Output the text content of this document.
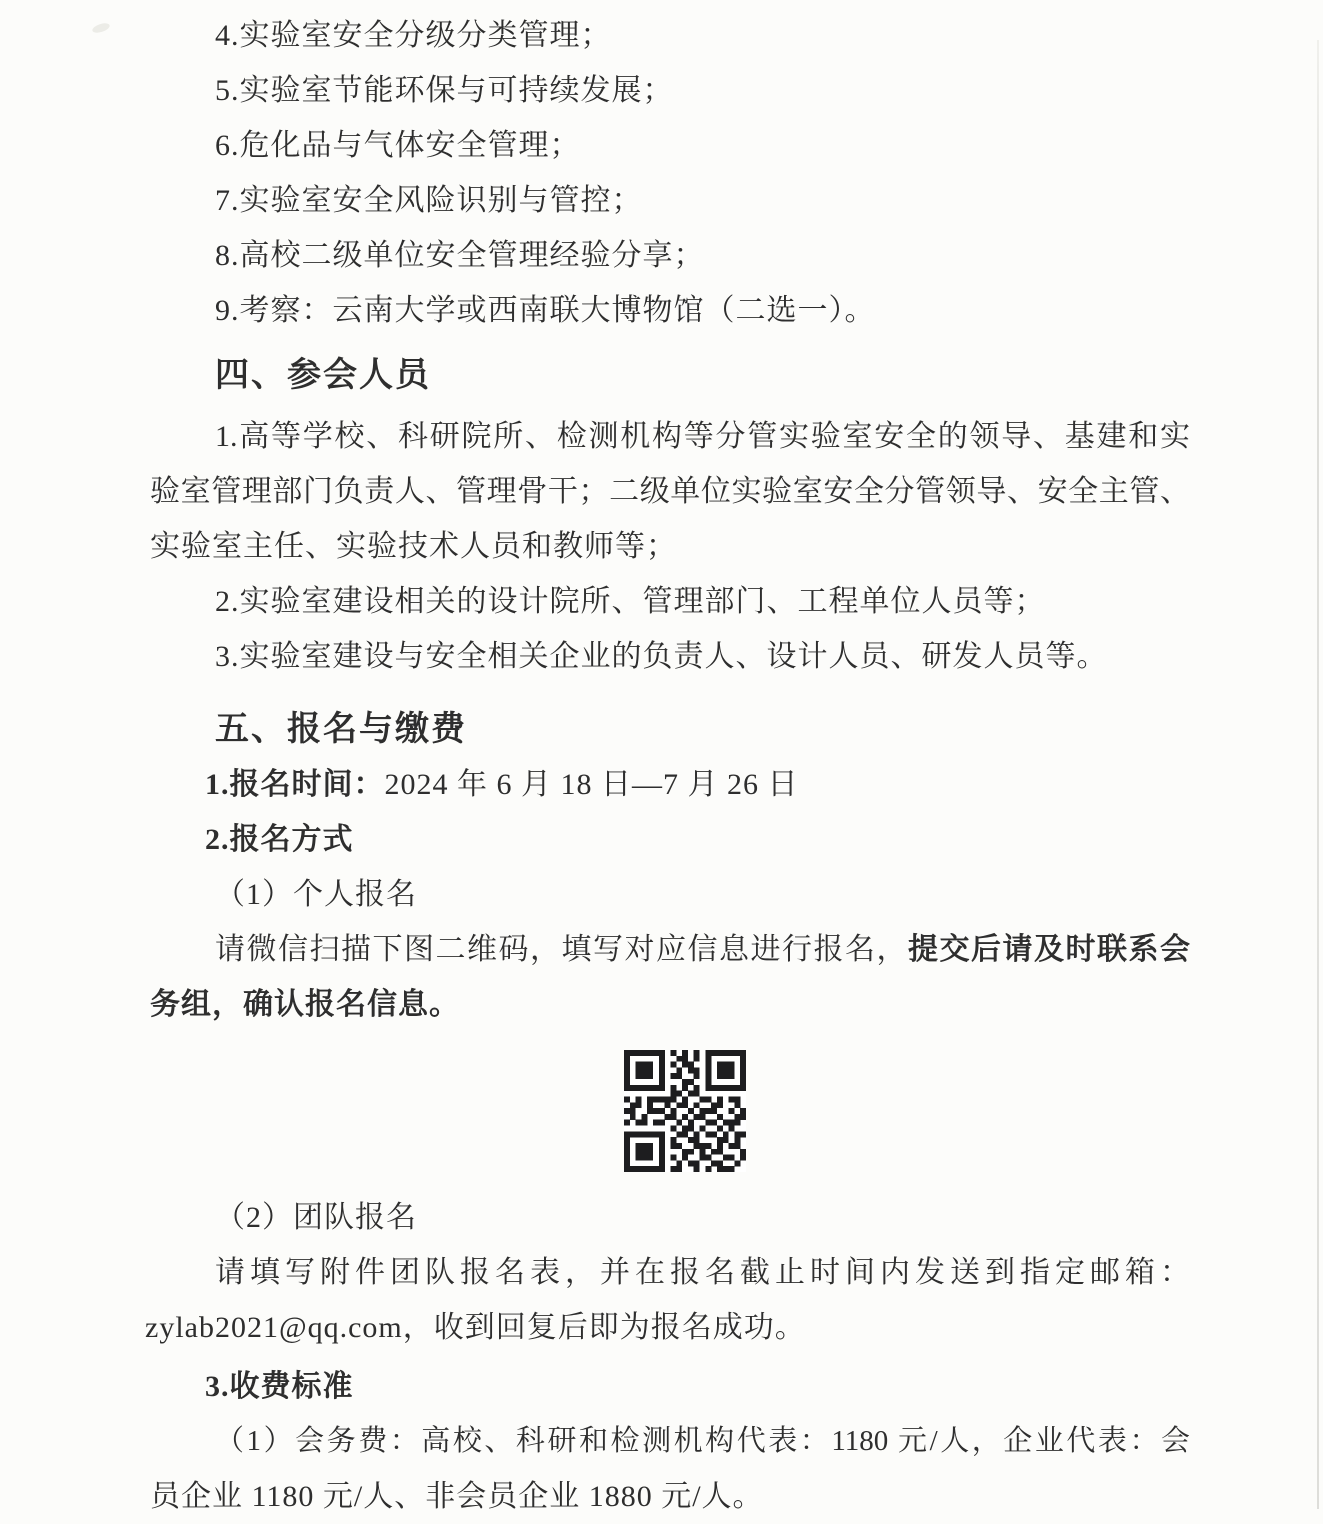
4.实验室安全分级分类管理；
5.实验室节能环保与可持续发展；
6.危化品与气体安全管理；
7.实验室安全风险识别与管控；
8.高校二级单位安全管理经验分享；
9.考察：云南大学或西南联大博物馆（二选一）。
四、参会人员
1.高等学校、科研院所、检测机构等分管实验室安全的领导、基建和实
验室管理部门负责人、管理骨干；二级单位实验室安全分管领导、安全主管、
实验室主任、实验技术人员和教师等；
2.实验室建设相关的设计院所、管理部门、工程单位人员等；
3.实验室建设与安全相关企业的负责人、设计人员、研发人员等。
五、报名与缴费
1.报名时间：2024 年 6 月 18 日—7 月 26 日
2.报名方式
（1）个人报名
请微信扫描下图二维码，填写对应信息进行报名，提交后请及时联系会
务组，确认报名信息。
（2）团队报名
请填写附件团队报名表，并在报名截止时间内发送到指定邮箱：
zylab2021@qq.com，收到回复后即为报名成功。
3.收费标准
（1）会务费：高校、科研和检测机构代表：1180 元/人，企业代表：会
员企业 1180 元/人、非会员企业 1880 元/人。
